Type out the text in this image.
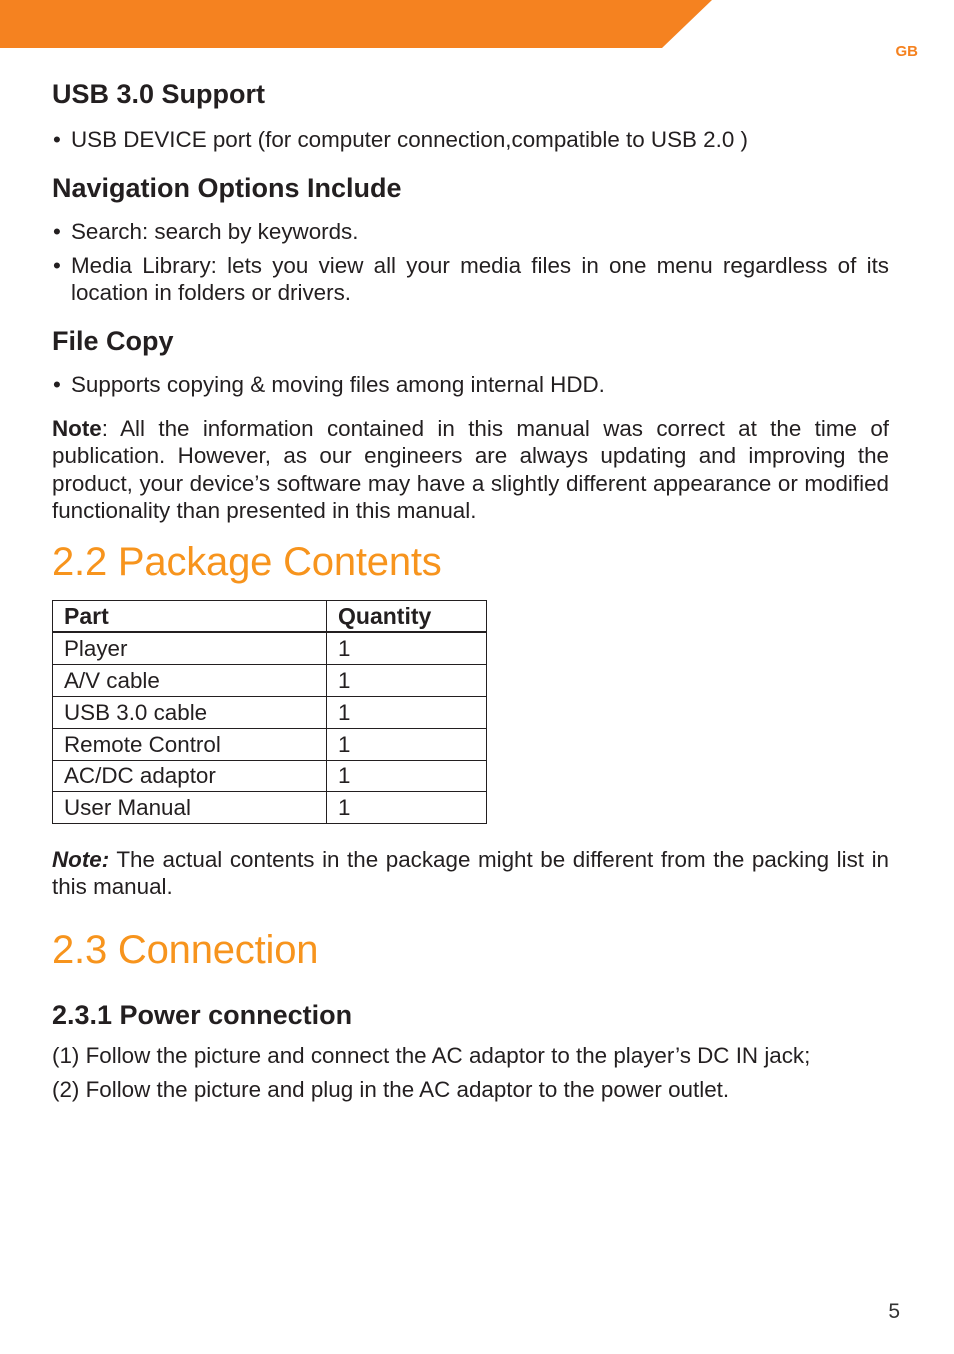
GB
USB 3.0 Support
• USB DEVICE port (for computer connection,compatible to USB 2.0 )
Navigation Options Include
• Search: search by keywords.
• Media Library: lets you view all your media files in one menu regardless of its
location in folders or drivers.
File Copy
• Supports copying & moving files among internal HDD.
Note: All the information contained in this manual was correct at the time of
publication. However, as our engineers are always updating and improving the
product, your device’s software may have a slightly different appearance or modified
functionality than presented in this manual.
2.2 Package Contents
Part	Quantity
Player	1
A/V cable	1
USB 3.0 cable	1
Remote Control	1
AC/DC adaptor	1
User Manual	1
Note: The actual contents in the package might be different from the packing list in
this manual.
2.3 Connection
2.3.1 Power connection
(1) Follow the picture and connect the AC adaptor to the player’s DC IN jack;
(2) Follow the picture and plug in the AC adaptor to the power outlet.
5
